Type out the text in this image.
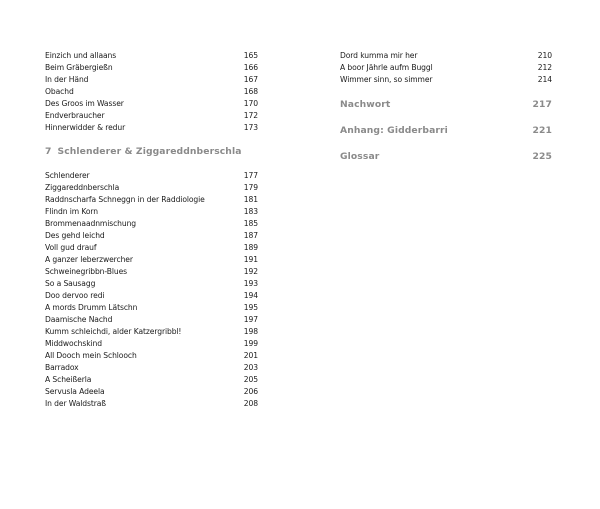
Einzich und allaans	165
Beim Gräbergießn	166
In der Händ	167
Obachd	168
Des Groos im Wasser	170
Endverbraucher	172
Hinnerwidder & redur	173
7 Schlenderer & Ziggareddnberschla
Schlenderer	177
Ziggareddnberschla	179
Raddnscharfa Schneggn in der Raddiologie	181
Flindn im Korn	183
Brommenaadnmischung	185
Des gehd leichd	187
Voll gud drauf	189
A ganzer leberzwercher	191
Schweinegribbn-Blues	192
So a Sausagg	193
Doo dervoo redi	194
A mords Drumm Lätschn	195
Daamische Nachd	197
Kumm schleichdi, alder Katzergribbl!	198
Middwochskind	199
All Dooch mein Schlooch	201
Barradox	203
A Scheißerla	205
Servusla Adeela	206
In der Waldstraß	208
Dord kumma mir her	210
A boor Jährle aufm Buggl	212
Wimmer sinn, so simmer	214
Nachwort	217
Anhang: Gidderbarri	221
Glossar	225
